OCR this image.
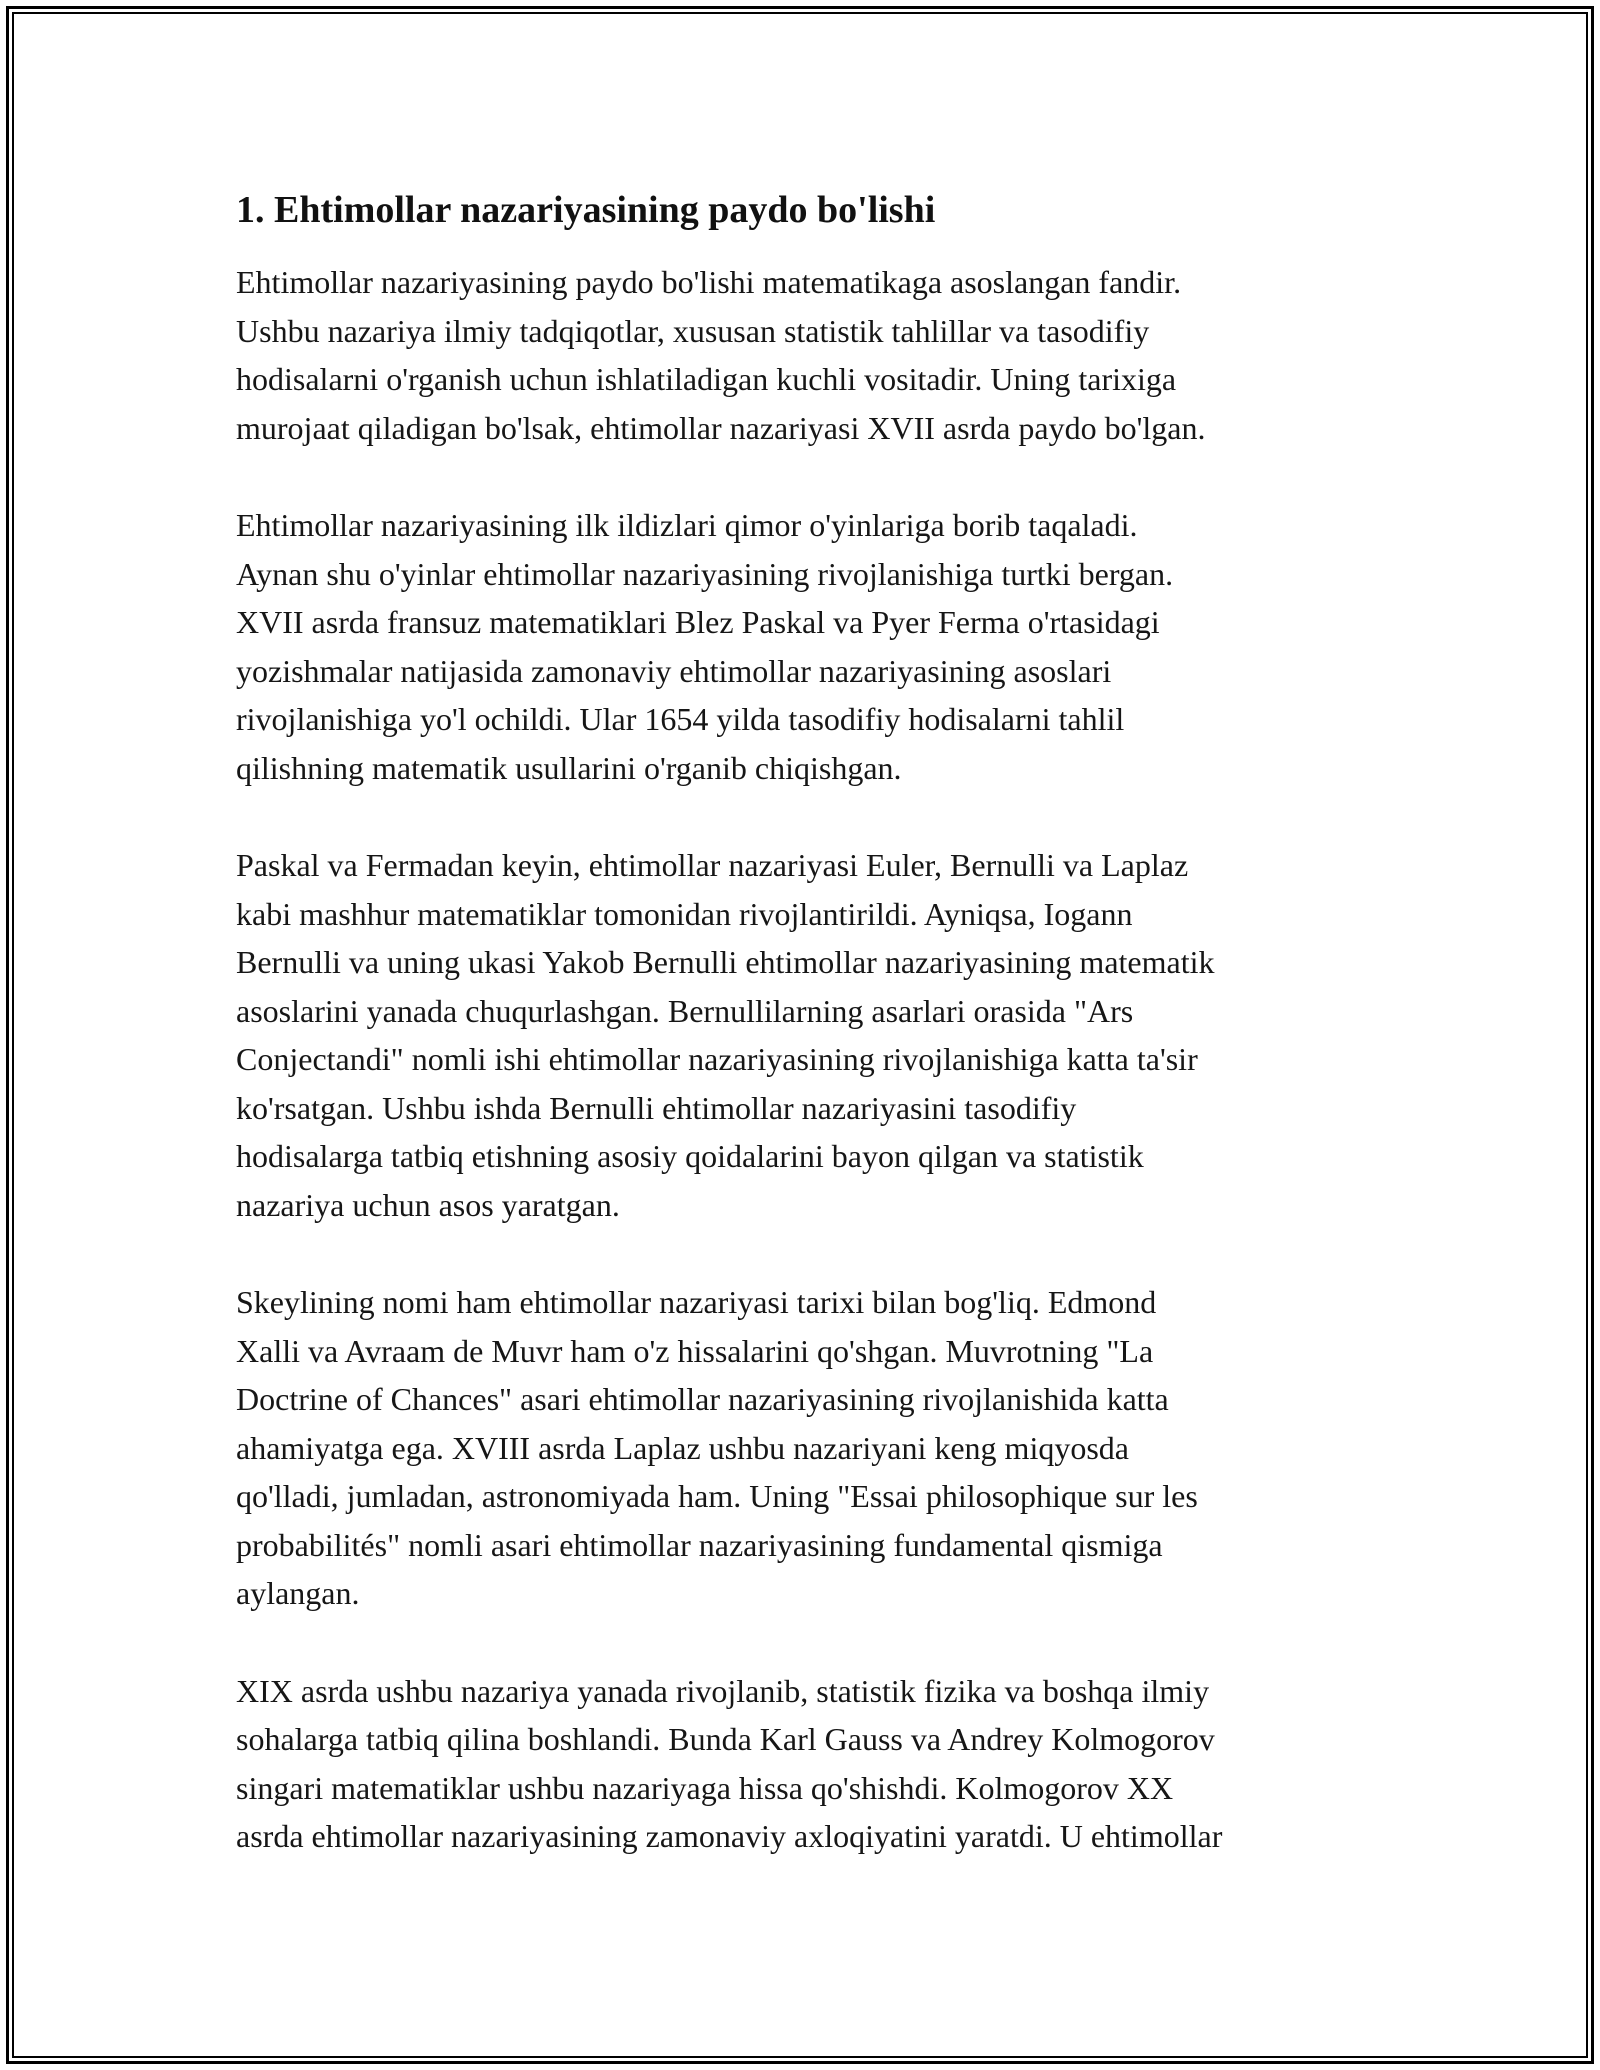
1. Ehtimollar nazariyasining paydo bo'lishi
Ehtimollar nazariyasining paydo bo'lishi matematikaga asoslangan fandir.
Ushbu nazariya ilmiy tadqiqotlar, xususan statistik tahlillar va tasodifiy
hodisalarni o'rganish uchun ishlatiladigan kuchli vositadir. Uning tarixiga
murojaat qiladigan bo'lsak, ehtimollar nazariyasi XVII asrda paydo bo'lgan.
Ehtimollar nazariyasining ilk ildizlari qimor o'yinlariga borib taqaladi.
Aynan shu o'yinlar ehtimollar nazariyasining rivojlanishiga turtki bergan.
XVII asrda fransuz matematiklari Blez Paskal va Pyer Ferma o'rtasidagi
yozishmalar natijasida zamonaviy ehtimollar nazariyasining asoslari
rivojlanishiga yo'l ochildi. Ular 1654 yilda tasodifiy hodisalarni tahlil
qilishning matematik usullarini o'rganib chiqishgan.
Paskal va Fermadan keyin, ehtimollar nazariyasi Euler, Bernulli va Laplaz
kabi mashhur matematiklar tomonidan rivojlantirildi. Ayniqsa, Iogann
Bernulli va uning ukasi Yakob Bernulli ehtimollar nazariyasining matematik
asoslarini yanada chuqurlashgan. Bernullilarning asarlari orasida "Ars
Conjectandi" nomli ishi ehtimollar nazariyasining rivojlanishiga katta ta'sir
ko'rsatgan. Ushbu ishda Bernulli ehtimollar nazariyasini tasodifiy
hodisalarga tatbiq etishning asosiy qoidalarini bayon qilgan va statistik
nazariya uchun asos yaratgan.
Skeylining nomi ham ehtimollar nazariyasi tarixi bilan bog'liq. Edmond
Xalli va Avraam de Muvr ham o'z hissalarini qo'shgan. Muvrotning "La
Doctrine of Chances" asari ehtimollar nazariyasining rivojlanishida katta
ahamiyatga ega. XVIII asrda Laplaz ushbu nazariyani keng miqyosda
qo'lladi, jumladan, astronomiyada ham. Uning "Essai philosophique sur les
probabilités" nomli asari ehtimollar nazariyasining fundamental qismiga
aylangan.
XIX asrda ushbu nazariya yanada rivojlanib, statistik fizika va boshqa ilmiy
sohalarga tatbiq qilina boshlandi. Bunda Karl Gauss va Andrey Kolmogorov
singari matematiklar ushbu nazariyaga hissa qo'shishdi. Kolmogorov XX
asrda ehtimollar nazariyasining zamonaviy axloqiyatini yaratdi. U ehtimollar
